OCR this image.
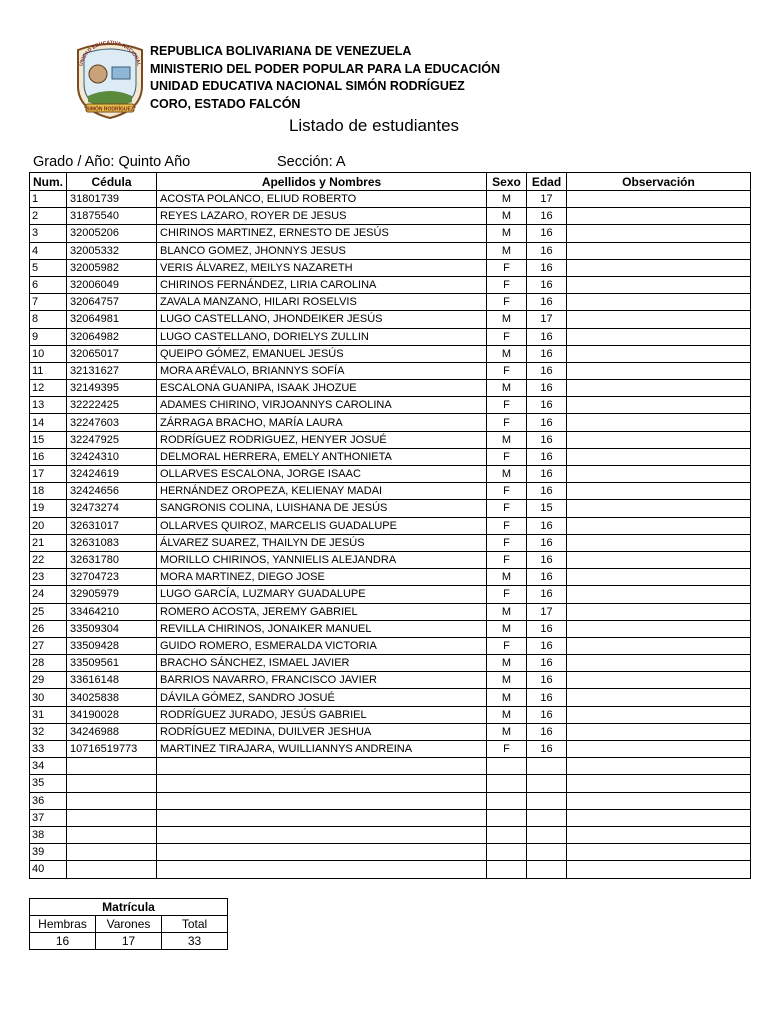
UNIDAD EDUCATIVA NACIONAL
"SIMÓN RODRÍGUEZ"
REPUBLICA BOLIVARIANA DE VENEZUELA
MINISTERIO DEL PODER POPULAR PARA LA EDUCACIÓN
UNIDAD EDUCATIVA NACIONAL SIMÓN RODRÍGUEZ
CORO, ESTADO FALCÓN
Listado de estudiantes
Grado / Año: Quinto Año	Sección: A
Num.	Cédula	Apellidos y Nombres	Sexo	Edad	Observación
1	31801739	ACOSTA POLANCO, ELIUD ROBERTO	M	17	
2	31875540	REYES LAZARO, ROYER DE JESUS	M	16	
3	32005206	CHIRINOS MARTINEZ, ERNESTO DE JESÚS	M	16	
4	32005332	BLANCO GOMEZ, JHONNYS JESUS	M	16	
5	32005982	VERIS ÁLVAREZ, MEILYS NAZARETH	F	16	
6	32006049	CHIRINOS FERNÁNDEZ, LIRIA CAROLINA	F	16	
7	32064757	ZAVALA MANZANO, HILARI ROSELVIS	F	16	
8	32064981	LUGO CASTELLANO, JHONDEIKER JESÚS	M	17	
9	32064982	LUGO CASTELLANO, DORIELYS ZULLIN	F	16	
10	32065017	QUEIPO GÓMEZ, EMANUEL JESÚS	M	16	
11	32131627	MORA ARÉVALO, BRIANNYS SOFÍA	F	16	
12	32149395	ESCALONA GUANIPA, ISAAK JHOZUE	M	16	
13	32222425	ADAMES CHIRINO, VIRJOANNYS CAROLINA	F	16	
14	32247603	ZÁRRAGA BRACHO, MARÍA LAURA	F	16	
15	32247925	RODRÍGUEZ RODRIGUEZ, HENYER JOSUÉ	M	16	
16	32424310	DELMORAL HERRERA, EMELY ANTHONIETA	F	16	
17	32424619	OLLARVES ESCALONA, JORGE ISAAC	M	16	
18	32424656	HERNÁNDEZ OROPEZA, KELIENAY MADAI	F	16	
19	32473274	SANGRONIS COLINA, LUISHANA DE JESÚS	F	15	
20	32631017	OLLARVES QUIROZ, MARCELIS GUADALUPE	F	16	
21	32631083	ÁLVAREZ SUAREZ, THAILYN DE JESÚS	F	16	
22	32631780	MORILLO CHIRINOS, YANNIELIS ALEJANDRA	F	16	
23	32704723	MORA MARTINEZ, DIEGO JOSE	M	16	
24	32905979	LUGO GARCÍA, LUZMARY GUADALUPE	F	16	
25	33464210	ROMERO ACOSTA, JEREMY GABRIEL	M	17	
26	33509304	REVILLA CHIRINOS, JONAIKER MANUEL	M	16	
27	33509428	GUIDO ROMERO, ESMERALDA VICTORIA	F	16	
28	33509561	BRACHO SÁNCHEZ, ISMAEL JAVIER	M	16	
29	33616148	BARRIOS NAVARRO, FRANCISCO JAVIER	M	16	
30	34025838	DÁVILA GÓMEZ, SANDRO JOSUÉ	M	16	
31	34190028	RODRÍGUEZ JURADO, JESÚS GABRIEL	M	16	
32	34246988	RODRÍGUEZ MEDINA, DUILVER JESHUA	M	16	
33	10716519773	MARTINEZ TIRAJARA, WUILLIANNYS ANDREINA	F	16	
34					
35					
36					
37					
38					
39					
40					
Matrícula		
Hembras	Varones	Total
16	17	33
